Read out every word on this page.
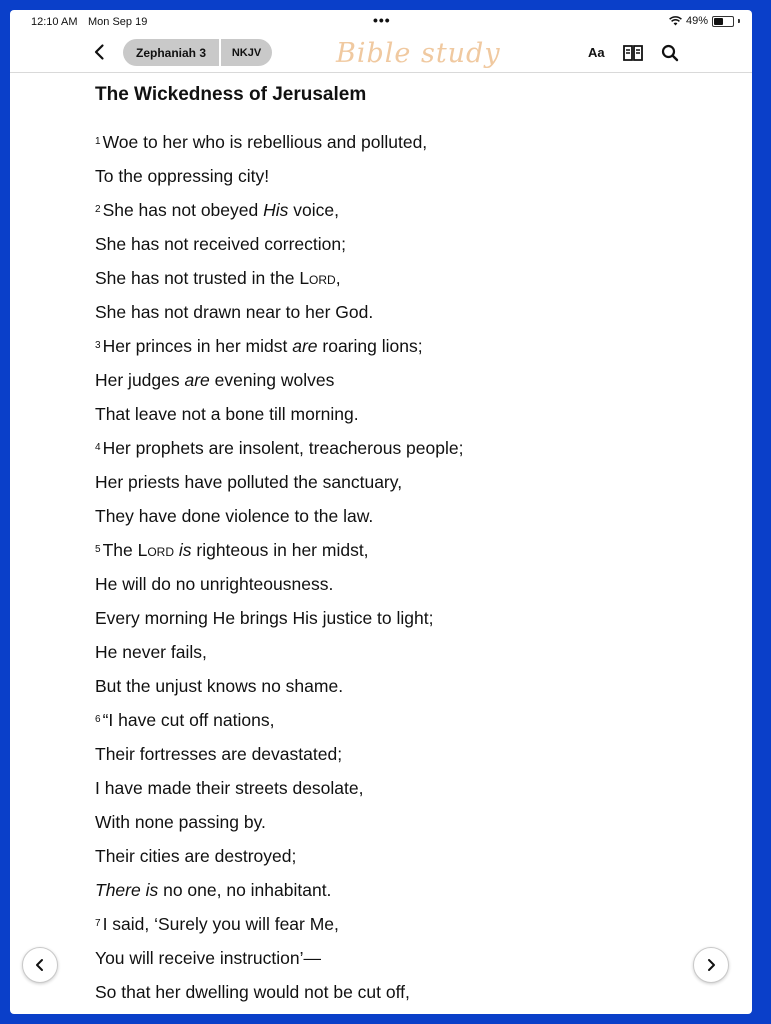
12:10 AM Mon Sep 19	•••	49%
Zephaniah 3	NKJV	Bible study	Aa
The Wickedness of Jerusalem
$^1$ Woe to her who is rebellious and polluted,
To the oppressing city!
$^2$ She has not obeyed His voice,
She has not received correction;
She has not trusted in the Lord,
She has not drawn near to her God.
$^3$ Her princes in her midst are roaring lions;
Her judges are evening wolves
That leave not a bone till morning.
$^4$ Her prophets are insolent, treacherous people;
Her priests have polluted the sanctuary,
They have done violence to the law.
$^5$ The Lord is righteous in her midst,
He will do no unrighteousness.
Every morning He brings His justice to light;
He never fails,
But the unjust knows no shame.
$^6$ “I have cut off nations,
Their fortresses are devastated;
I have made their streets desolate,
With none passing by.
Their cities are destroyed;
There is no one, no inhabitant.
$^7$ I said, ‘Surely you will fear Me,
You will receive instruction’—
So that her dwelling would not be cut off,
